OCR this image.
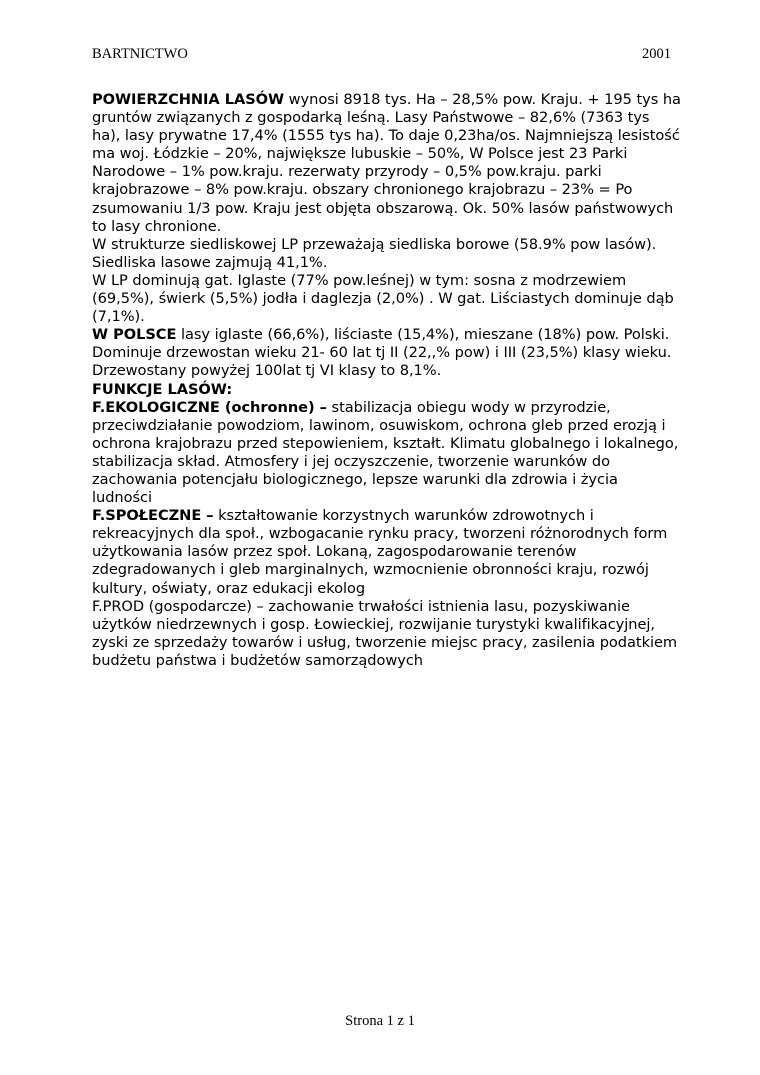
BARTNICTWO	2001

POWIERZCHNIA LASÓW wynosi 8918 tys. Ha – 28,5% pow. Kraju. + 195 tys ha gruntów związanych z gospodarką leśną. Lasy Państwowe – 82,6% (7363 tys ha), lasy prywatne 17,4% (1555 tys ha). To daje 0,23ha/os. Najmniejszą lesistość ma woj. Łódzkie – 20%, największe lubuskie – 50%, W Polsce jest 23 Parki Narodowe – 1% pow.kraju. rezerwaty przyrody – 0,5% pow.kraju. parki krajobrazowe – 8% pow.kraju. obszary chronionego krajobrazu – 23% = Po zsumowaniu 1/3 pow. Kraju jest objęta obszarową. Ok. 50% lasów państwowych to lasy chronione.

W strukturze siedliskowej LP przeważają siedliska borowe (58.9% pow lasów). Siedliska lasowe zajmują 41,1%.

W LP dominują gat. Iglaste (77% pow.leśnej) w tym: sosna z modrzewiem (69,5%), świerk (5,5%) jodła i daglezja (2,0%) . W gat. Liściastych dominuje dąb (7,1%).

W POLSCE lasy iglaste (66,6%), liściaste (15,4%), mieszane (18%) pow. Polski. Dominuje drzewostan wieku 21- 60 lat tj II (22,,% pow) i III (23,5%) klasy wieku. Drzewostany powyżej 100lat tj VI klasy to 8,1%.

FUNKCJE LASÓW:

F.EKOLOGICZNE (ochronne) – stabilizacja obiegu wody w przyrodzie, przeciwdziałanie powodziom, lawinom, osuwiskom, ochrona gleb przed erozją i ochrona krajobrazu przed stepowieniem, kształt. Klimatu globalnego i lokalnego, stabilizacja skład. Atmosfery i jej oczyszczenie, tworzenie warunków do zachowania potencjału biologicznego, lepsze warunki dla zdrowia i życia ludności

F.SPOŁECZNE – kształtowanie korzystnych warunków zdrowotnych i rekreacyjnych dla społ., wzbogacanie rynku pracy, tworzeni różnorodnych form użytkowania lasów przez społ. Lokaną, zagospodarowanie terenów zdegradowanych i gleb marginalnych, wzmocnienie obronności kraju, rozwój kultury, oświaty, oraz edukacji ekolog

F.PROD (gospodarcze) – zachowanie trwałości istnienia lasu, pozyskiwanie użytków niedrzewnych i gosp. Łowieckiej, rozwijanie turystyki kwalifikacyjnej, zyski ze sprzedaży towarów i usług, tworzenie miejsc pracy, zasilenia podatkiem budżetu państwa i budżetów samorządowych

Strona 1 z 1
